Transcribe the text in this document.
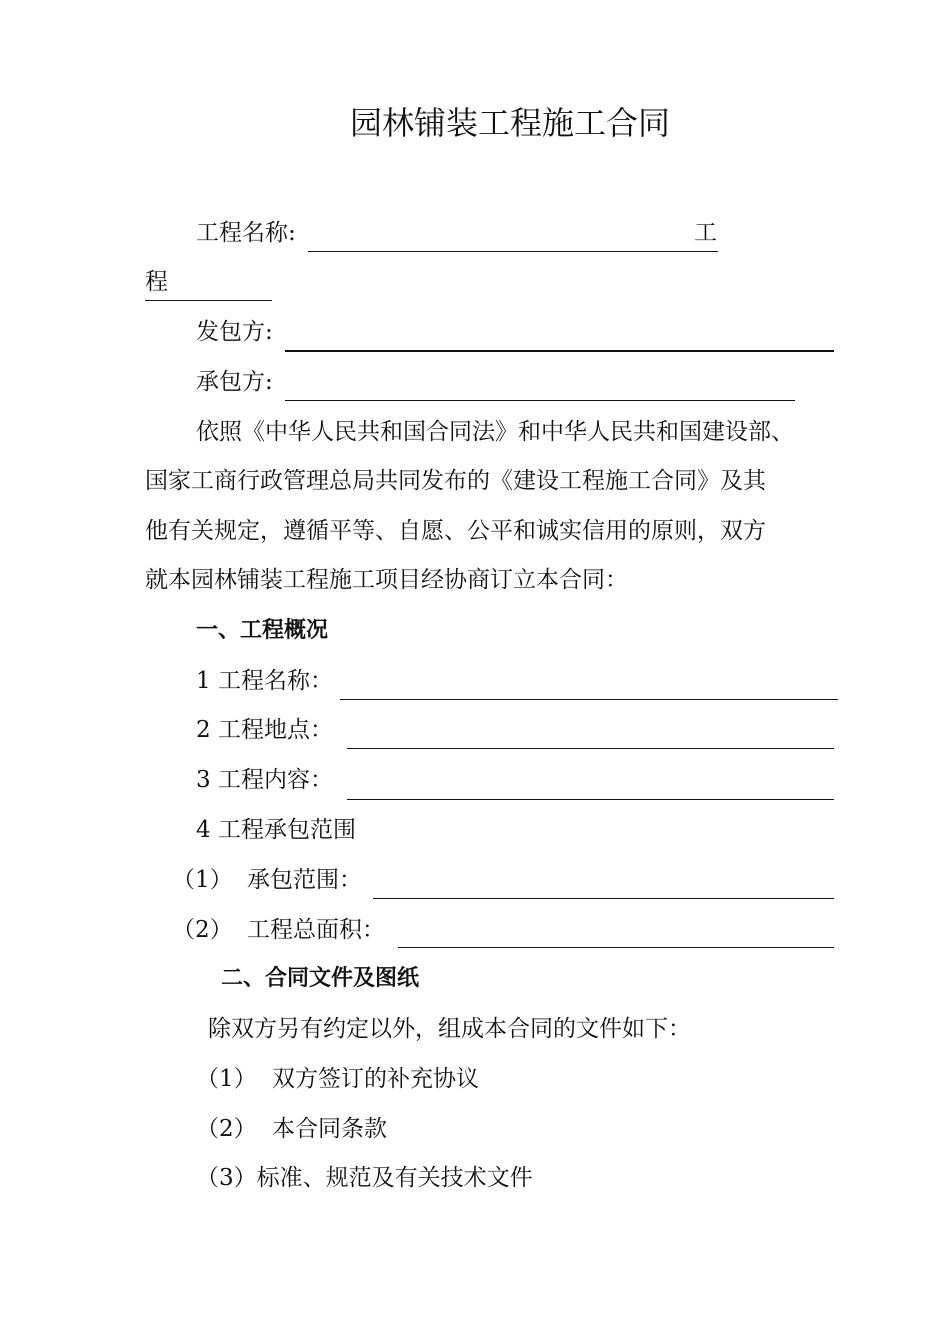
园林铺装工程施工合同
工程名称:	工
程
发包方:
承包方:
依照《中华人民共和国合同法》和中华人民共和国建设部、
国家工商行政管理总局共同发布的《建设工程施工合同》及其
他有关规定，遵循平等、自愿、公平和诚实信用的原则，双方
就本园林铺装工程施工项目经协商订立本合同：
一、工程概况
1 工程名称：
2 工程地点：
3 工程内容：
4 工程承包范围
（1） 承包范围：
（2） 工程总面积：
二、合同文件及图纸
除双方另有约定以外，组成本合同的文件如下：
（1） 双方签订的补充协议
（2） 本合同条款
（3）标准、规范及有关技术文件
